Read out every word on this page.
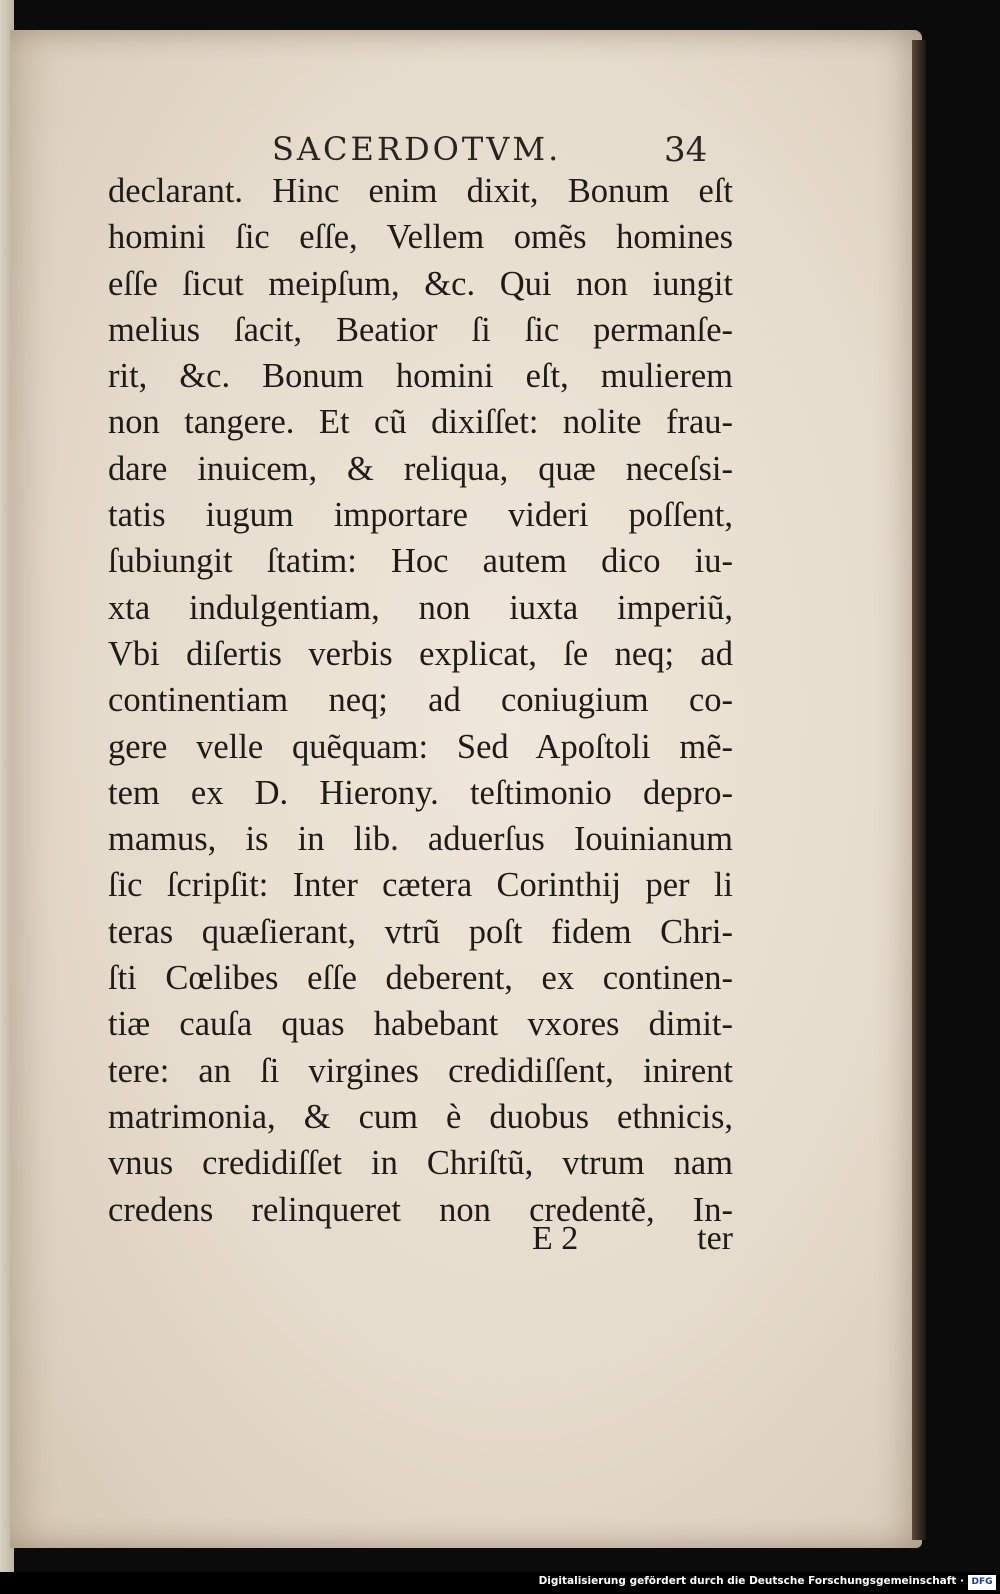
SACERDOTVM.	34
declarant. Hinc enim dixit, Bonum eſt
homini ſic eſſe, Vellem omẽs homines
eſſe ſicut meipſum, &c. Qui non iungit
melius ſacit, Beatior ſi ſic permanſe-
rit, &c. Bonum homini eſt, mulierem
non tangere. Et cũ dixiſſet: nolite frau-
dare inuicem, & reliqua, quæ neceſsi-
tatis iugum importare videri poſſent,
ſubiungit ſtatim: Hoc autem dico iu-
xta indulgentiam, non iuxta imperiũ,
Vbi diſertis verbis explicat, ſe neq; ad
continentiam neq; ad coniugium co-
gere velle quẽquam: Sed Apoſtoli mẽ-
tem ex D. Hierony. teſtimonio depro-
mamus, is in lib. aduerſus Iouinianum
ſic ſcripſit: Inter cætera Corinthij per li
teras quæſierant, vtrũ poſt fidem Chri-
ſti Cœlibes eſſe deberent, ex continen-
tiæ cauſa quas habebant vxores dimit-
tere: an ſi virgines credidiſſent, inirent
matrimonia, & cum è duobus ethnicis,
vnus credidiſſet in Chriſtũ, vtrum nam
credens relinqueret non credentẽ, In-
E 2	ter
Digitalisierung gefördert durch die Deutsche Forschungsgemeinschaft · DFG
